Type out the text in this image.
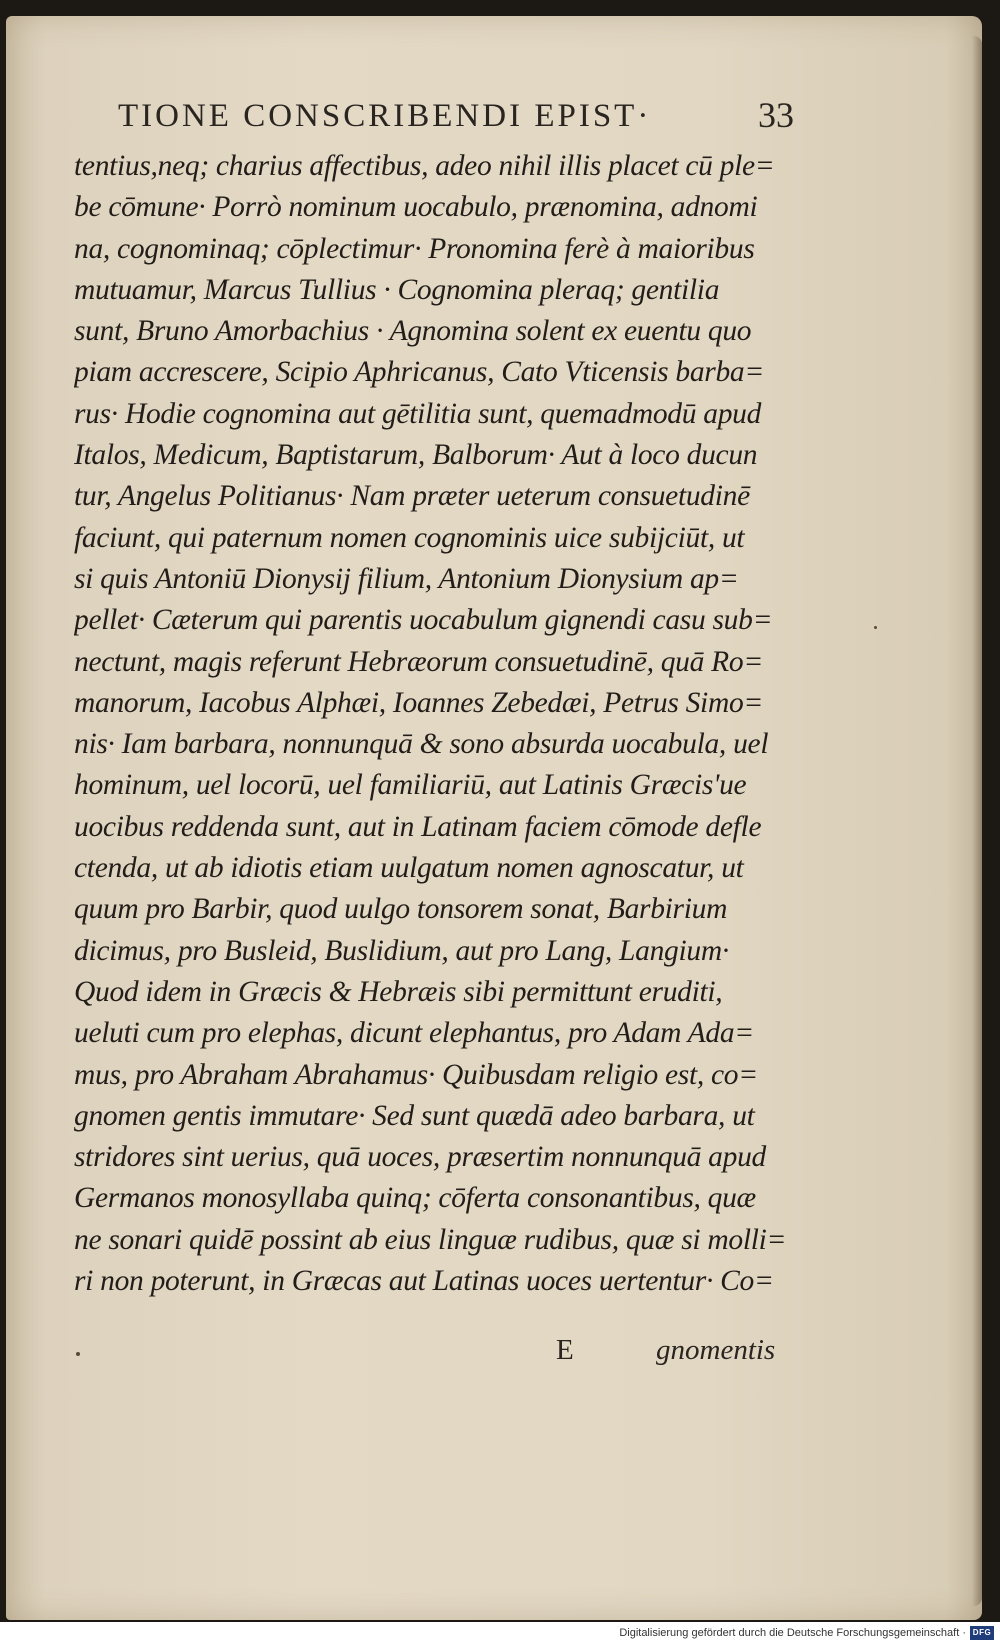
TIONE CONSCRIBENDI EPIST·	33
tentius,neq; charius affectibus, adeo nihil illis placet cū ple=
be cōmune· Porrò nominum uocabulo, prænomina, adnomi
na, cognominaq; cōplectimur· Pronomina ferè à maioribus
mutuamur, Marcus Tullius · Cognomina pleraq; gentilia
sunt, Bruno Amorbachius · Agnomina solent ex euentu quo
piam accrescere, Scipio Aphricanus, Cato Vticensis barba=
rus· Hodie cognomina aut gētilitia sunt, quemadmodū apud
Italos, Medicum, Baptistarum, Balborum· Aut à loco ducun
tur, Angelus Politianus· Nam præter ueterum consuetudinē
faciunt, qui paternum nomen cognominis uice subijciūt, ut
si quis Antoniū Dionysij filium, Antonium Dionysium ap=
pellet· Cæterum qui parentis uocabulum gignendi casu sub=
nectunt, magis referunt Hebræorum consuetudinē, quā Ro=
manorum, Iacobus Alphæi, Ioannes Zebedæi, Petrus Simo=
nis· Iam barbara, nonnunquā & sono absurda uocabula, uel
hominum, uel locorū, uel familiariū, aut Latinis Græcis'ue
uocibus reddenda sunt, aut in Latinam faciem cōmode defle
ctenda, ut ab idiotis etiam uulgatum nomen agnoscatur, ut
quum pro Barbir, quod uulgo tonsorem sonat, Barbirium
dicimus, pro Busleid, Buslidium, aut pro Lang, Langium·
Quod idem in Græcis & Hebræis sibi permittunt eruditi,
ueluti cum pro elephas, dicunt elephantus, pro Adam Ada=
mus, pro Abraham Abrahamus· Quibusdam religio est, co=
gnomen gentis immutare· Sed sunt quædā adeo barbara, ut
stridores sint uerius, quā uoces, præsertim nonnunquā apud
Germanos monosyllaba quinq; cōferta consonantibus, quæ
ne sonari quidē possint ab eius linguæ rudibus, quæ si molli=
ri non poterunt, in Græcas aut Latinas uoces uertentur· Co=
E	gnomentis
Digitalisierung gefördert durch die Deutsche Forschungsgemeinschaft · DFG
